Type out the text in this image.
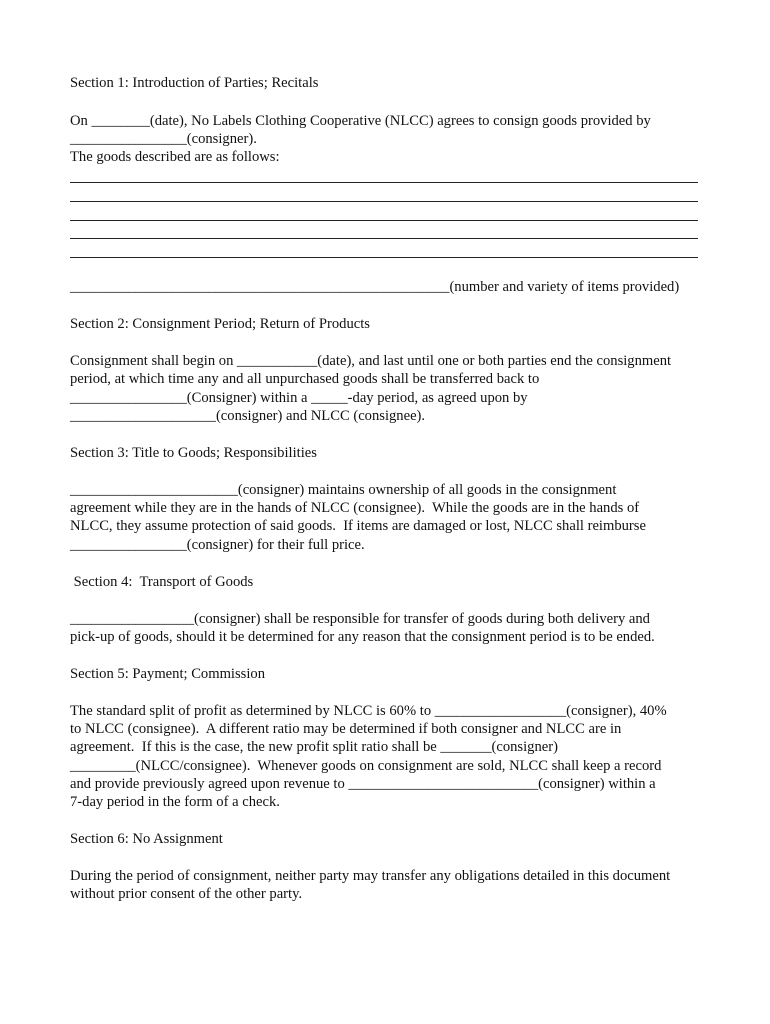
Section 1: Introduction of Parties; Recitals
On ________(date), No Labels Clothing Cooperative (NLCC) agrees to consign goods provided by
________________(consigner).
The goods described are as follows:
____________________________________________________(number and variety of items provided)
Section 2: Consignment Period; Return of Products
Consignment shall begin on ___________(date), and last until one or both parties end the consignment
period, at which time any and all unpurchased goods shall be transferred back to
________________(Consigner) within a _____-day period, as agreed upon by
____________________(consigner) and NLCC (consignee).
Section 3: Title to Goods; Responsibilities
_______________________(consigner) maintains ownership of all goods in the consignment
agreement while they are in the hands of NLCC (consignee).  While the goods are in the hands of
NLCC, they assume protection of said goods.  If items are damaged or lost, NLCC shall reimburse
________________(consigner) for their full price.
Section 4:  Transport of Goods
_________________(consigner) shall be responsible for transfer of goods during both delivery and
pick-up of goods, should it be determined for any reason that the consignment period is to be ended.
Section 5: Payment; Commission
The standard split of profit as determined by NLCC is 60% to __________________(consigner), 40%
to NLCC (consignee).  A different ratio may be determined if both consigner and NLCC are in
agreement.  If this is the case, the new profit split ratio shall be _______(consigner)
_________(NLCC/consignee).  Whenever goods on consignment are sold, NLCC shall keep a record
and provide previously agreed upon revenue to __________________________(consigner) within a
7-day period in the form of a check.
Section 6: No Assignment
During the period of consignment, neither party may transfer any obligations detailed in this document
without prior consent of the other party.
